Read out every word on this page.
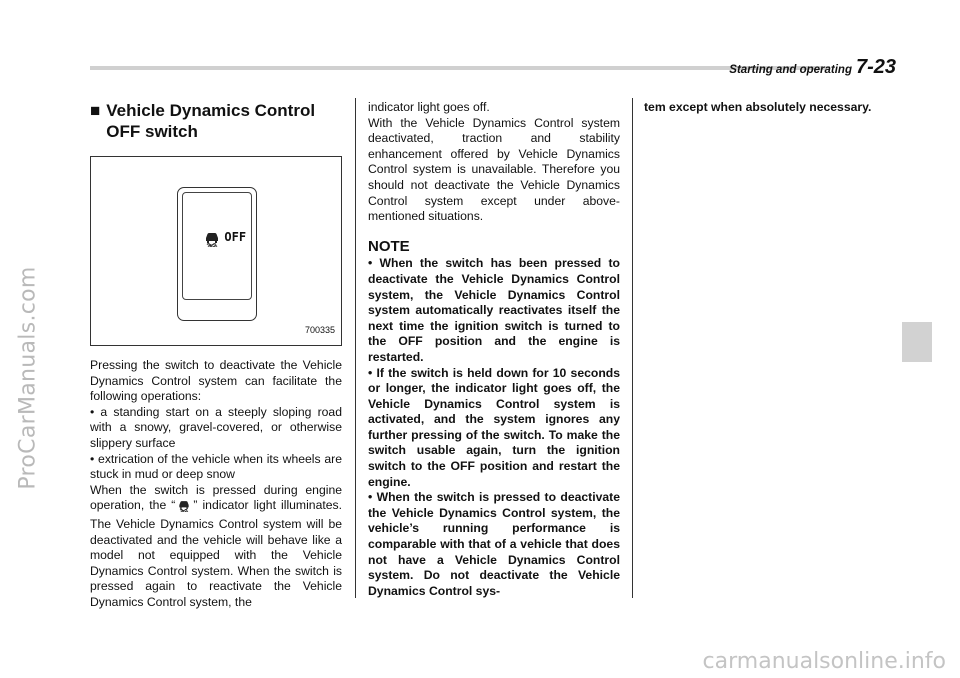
ProCarManuals.com
carmanualsonline.info
Starting and operating 7-23
■ Vehicle Dynamics Control OFF switch
OFF
700335

Pressing the switch to deactivate the Vehicle Dynamics Control system can facilitate the following operations:

• a standing start on a steeply sloping road with a snowy, gravel-covered, or otherwise slippery surface

• extrication of the vehicle when its wheels are stuck in mud or deep snow

When the switch is pressed during engine operation, the “ ” indicator light illuminates. The Vehicle Dynamics Control system will be deactivated and the vehicle will behave like a model not equipped with the Vehicle Dynamics Control system. When the switch is pressed again to reactivate the Vehicle Dynamics Control system, the

indicator light goes off.

With the Vehicle Dynamics Control system deactivated, traction and stability enhancement offered by Vehicle Dynamics Control system is unavailable. Therefore you should not deactivate the Vehicle Dynamics Control system except under above-mentioned situations.

NOTE

• When the switch has been pressed to deactivate the Vehicle Dynamics Control system, the Vehicle Dynamics Control system automatically reactivates itself the next time the ignition switch is turned to the OFF position and the engine is restarted.

• If the switch is held down for 10 seconds or longer, the indicator light goes off, the Vehicle Dynamics Control system is activated, and the system ignores any further pressing of the switch. To make the switch usable again, turn the ignition switch to the OFF position and restart the engine.

• When the switch is pressed to deactivate the Vehicle Dynamics Control system, the vehicle’s running performance is comparable with that of a vehicle that does not have a Vehicle Dynamics Control system. Do not deactivate the Vehicle Dynamics Control sys-

tem except when absolutely necessary.
